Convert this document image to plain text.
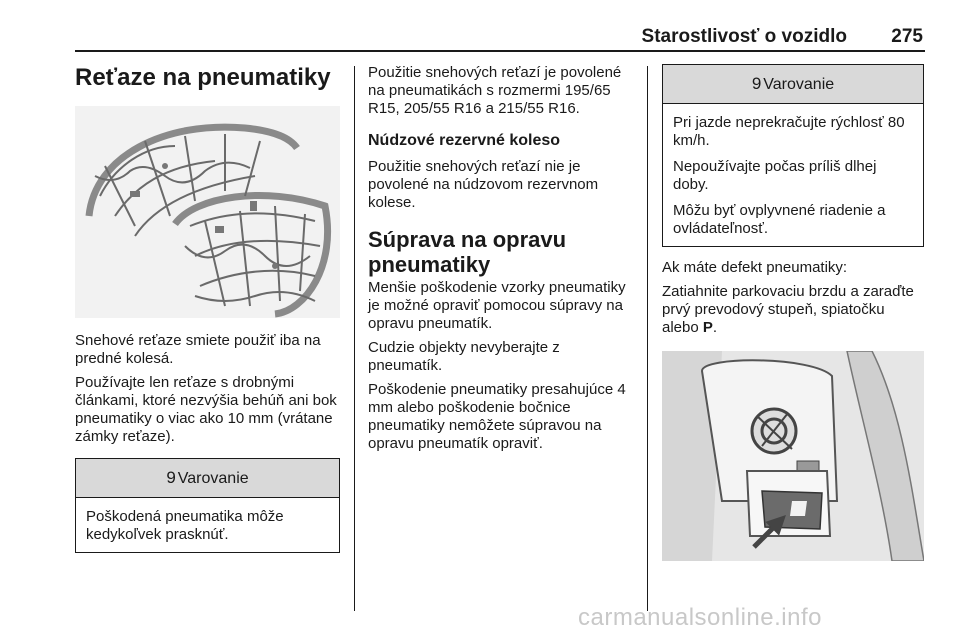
Starostlivosť o vozidlo 275
Reťaze na pneumatiky

Snehové reťaze smiete použiť iba na predné kolesá.

Používajte len reťaze s drobnými článkami, ktoré nezvýšia behúň ani bok pneumatiky o viac ako 10 mm (vrátane zámky reťaze).

9 Varovanie

Poškodená pneumatika môže kedykoľvek prasknúť.

Použitie snehových reťazí je povolené na pneumatikách s rozmermi 195/65 R15, 205/55 R16 a 215/55 R16.

Núdzové rezervné koleso

Použitie snehových reťazí nie je povolené na núdzovom rezervnom kolese.

Súprava na opravu pneumatiky

Menšie poškodenie vzorky pneumatiky je možné opraviť pomocou súpravy na opravu pneumatík.

Cudzie objekty nevyberajte z pneumatík.

Poškodenie pneumatiky presahujúce 4 mm alebo poškodenie bočnice pneumatiky nemôžete súpravou na opravu pneumatík opraviť.

9 Varovanie

Pri jazde neprekračujte rýchlosť 80 km/h.

Nepoužívajte počas príliš dlhej doby.

Môžu byť ovplyvnené riadenie a ovládateľnosť.

Ak máte defekt pneumatiky:

Zatiahnite parkovaciu brzdu a zaraďte prvý prevodový stupeň, spiatočku alebo P.

carmanualsonline.info
